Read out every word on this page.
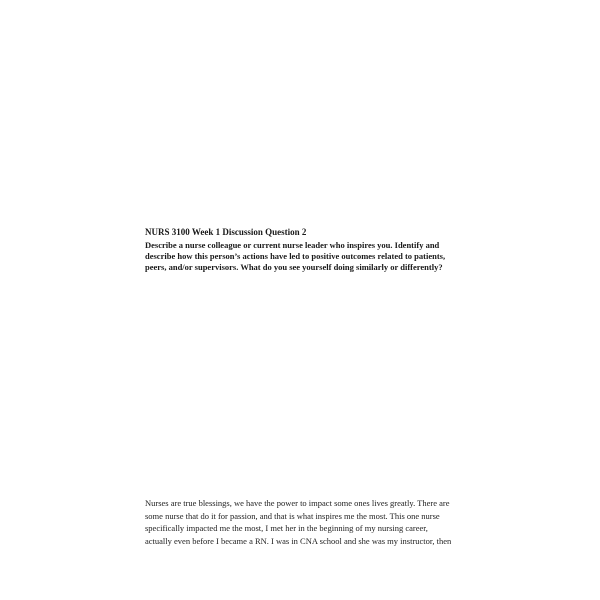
NURS 3100 Week 1 Discussion Question 2
Describe a nurse colleague or current nurse leader who inspires you. Identify and
describe how this person’s actions have led to positive outcomes related to patients,
peers, and/or supervisors. What do you see yourself doing similarly or differently?
Nurses are true blessings, we have the power to impact some ones lives greatly. There are
some nurse that do it for passion, and that is what inspires me the most. This one nurse
specifically impacted me the most, I met her in the beginning of my nursing career,
actually even before I became a RN. I was in CNA school and she was my instructor, then
